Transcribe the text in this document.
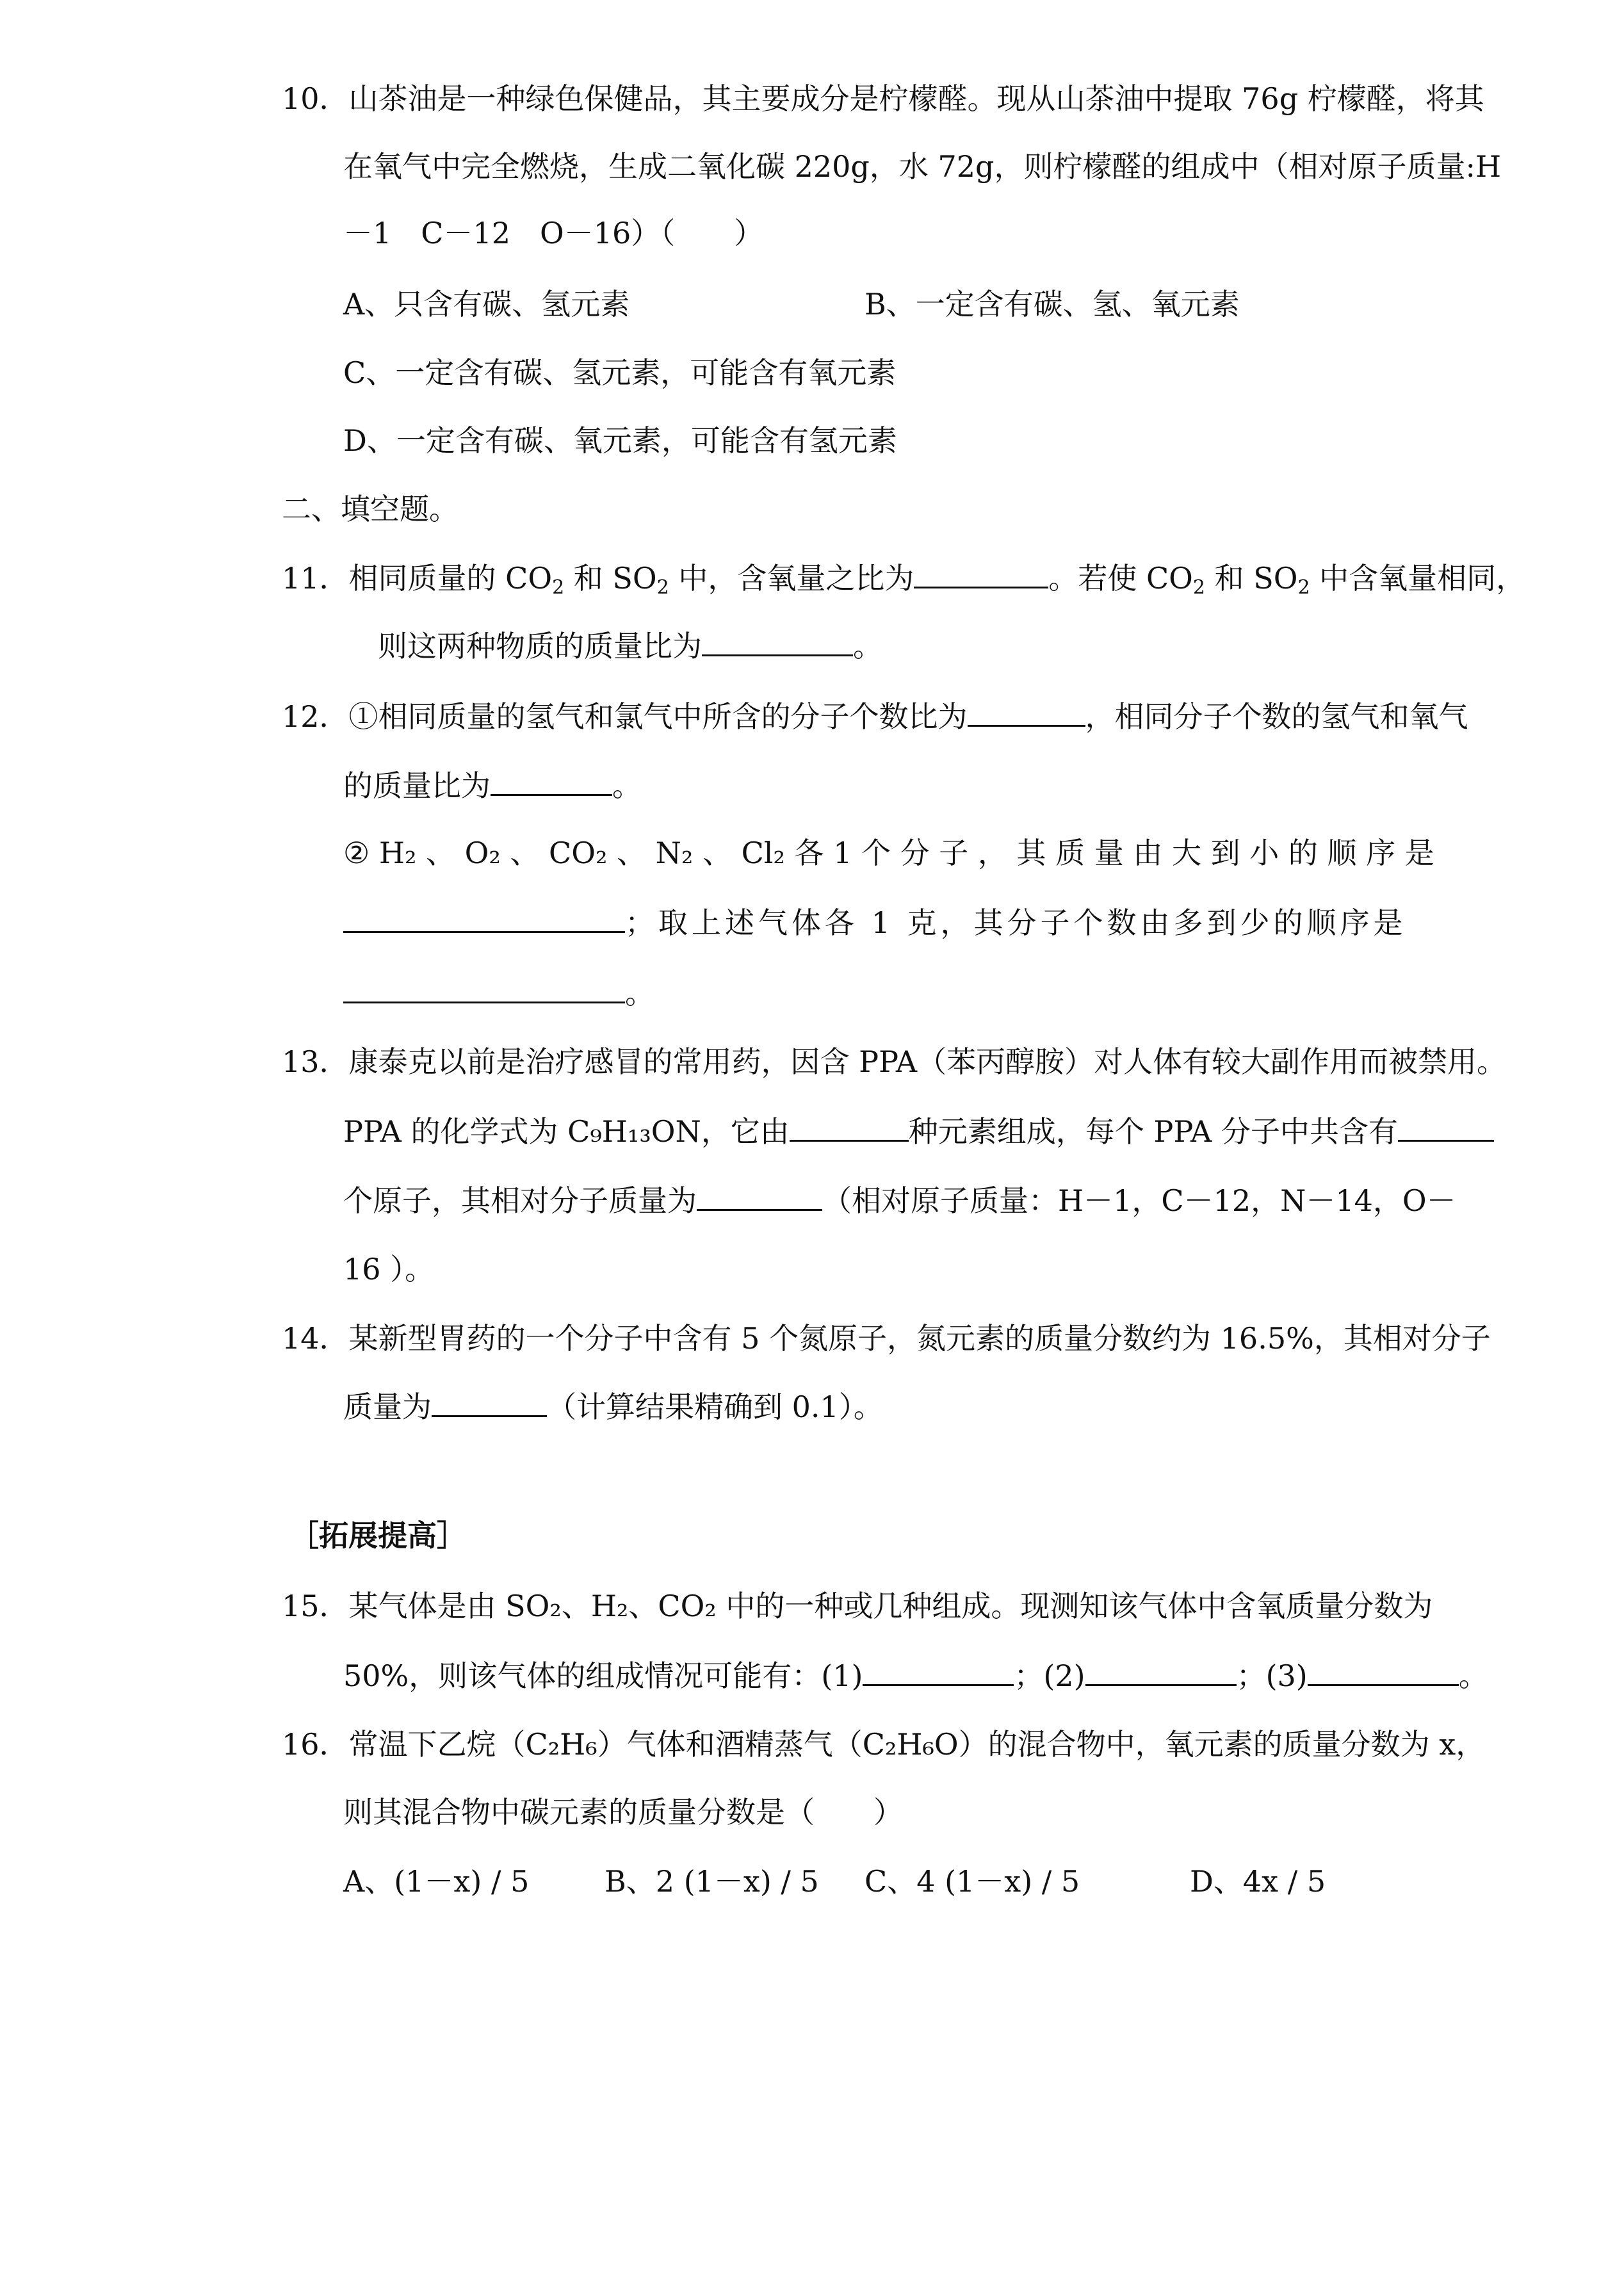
10．山茶油是一种绿色保健品，其主要成分是柠檬醛。现从山茶油中提取 76g 柠檬醛，将其
在氧气中完全燃烧，生成二氧化碳 220g，水 72g，则柠檬醛的组成中（相对原子质量:H
－1　C－12　O－16）（　　）
A、只含有碳、氢元素	B、一定含有碳、氢、氧元素
C、一定含有碳、氢元素，可能含有氧元素
D、一定含有碳、氧元素，可能含有氢元素
二、填空题。
11．相同质量的 $CO_2$ 和 $SO_2$ 中，含氧量之比为	。若使 $CO_2$ 和 $SO_2$ 中含氧量相同，
则这两种物质的质量比为	。
12．①相同质量的氢气和氯气中所含的分子个数比为	，相同分子个数的氢气和氧气
的质量比为	。
② H₂ 、 O₂ 、 CO₂ 、 N₂ 、 Cl₂ 各 1 个 分 子 ， 其 质 量 由 大 到 小 的 顺 序 是
；取上述气体各 1 克，其分子个数由多到少的顺序是
。
13．康泰克以前是治疗感冒的常用药，因含 PPA（苯丙醇胺）对人体有较大副作用而被禁用。
PPA 的化学式为 C₉H₁₃ON，它由	种元素组成，每个 PPA 分子中共含有
个原子，其相对分子质量为	（相对原子质量：H－1，C－12，N－14，O－
16 ）。
14．某新型胃药的一个分子中含有 5 个氮原子，氮元素的质量分数约为 16.5%，其相对分子
质量为	（计算结果精确到 0.1）。
［拓展提高］
15．某气体是由 SO₂、H₂、CO₂ 中的一种或几种组成。现测知该气体中含氧质量分数为
50%，则该气体的组成情况可能有：(1)	；(2)	；(3)	。
16．常温下乙烷（C₂H₆）气体和酒精蒸气（C₂H₆O）的混合物中，氧元素的质量分数为 x，
则其混合物中碳元素的质量分数是（　　）
A、(1－x) / 5	B、2 (1－x) / 5 C、4 (1－x) / 5	D、4x / 5
